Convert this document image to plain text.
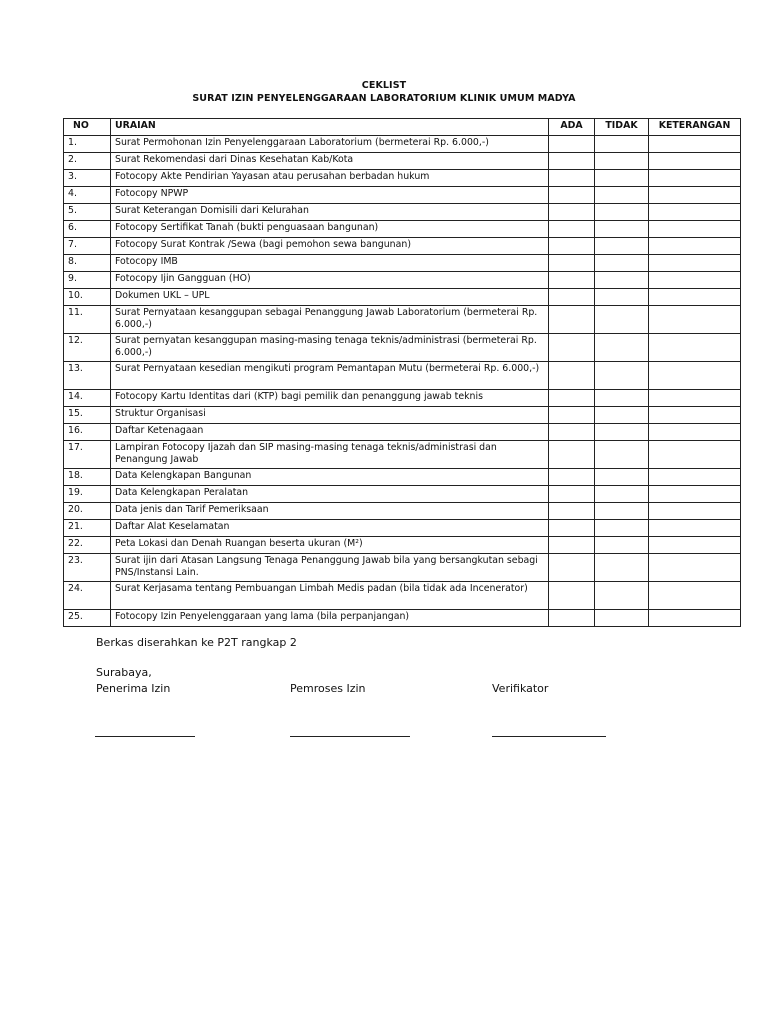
CEKLIST
SURAT IZIN PENYELENGGARAAN LABORATORIUM KLINIK UMUM MADYA
NO	URAIAN	ADA	TIDAK	KETERANGAN
1.	Surat Permohonan Izin Penyelenggaraan Laboratorium (bermeterai Rp. 6.000,-)			
2.	Surat Rekomendasi dari Dinas Kesehatan Kab/Kota			
3.	Fotocopy Akte Pendirian Yayasan atau perusahan berbadan hukum			
4.	Fotocopy NPWP			
5.	Surat Keterangan Domisili dari Kelurahan			
6.	Fotocopy Sertifikat Tanah (bukti penguasaan bangunan)			
7.	Fotocopy Surat Kontrak /Sewa (bagi pemohon sewa bangunan)			
8.	Fotocopy IMB			
9.	Fotocopy Ijin Gangguan (HO)			
10.	Dokumen UKL – UPL			
11.	Surat Pernyataan kesanggupan sebagai Penanggung Jawab Laboratorium (bermeterai Rp. 6.000,-)			
12.	Surat pernyatan kesanggupan masing-masing tenaga teknis/administrasi (bermeterai Rp. 6.000,-)			
13.	Surat Pernyataan kesedian mengikuti program Pemantapan Mutu (bermeterai Rp. 6.000,-)			
14.	Fotocopy Kartu Identitas dari (KTP) bagi pemilik dan penanggung jawab teknis			
15.	Struktur Organisasi			
16.	Daftar Ketenagaan			
17.	Lampiran Fotocopy Ijazah dan SIP masing-masing tenaga teknis/administrasi dan Penangung Jawab			
18.	Data Kelengkapan Bangunan			
19.	Data Kelengkapan Peralatan			
20.	Data jenis dan Tarif Pemeriksaan			
21.	Daftar Alat Keselamatan			
22.	Peta Lokasi dan Denah Ruangan beserta ukuran (M²)			
23.	Surat ijin dari Atasan Langsung Tenaga Penanggung Jawab bila yang bersangkutan sebagi PNS/Instansi Lain.			
24.	Surat Kerjasama tentang Pembuangan Limbah Medis padan (bila tidak ada Incenerator)			
25.	Fotocopy Izin Penyelenggaraan yang lama (bila perpanjangan)			
Berkas diserahkan ke P2T rangkap 2
Surabaya,
Penerima Izin	Pemroses Izin	Verifikator
